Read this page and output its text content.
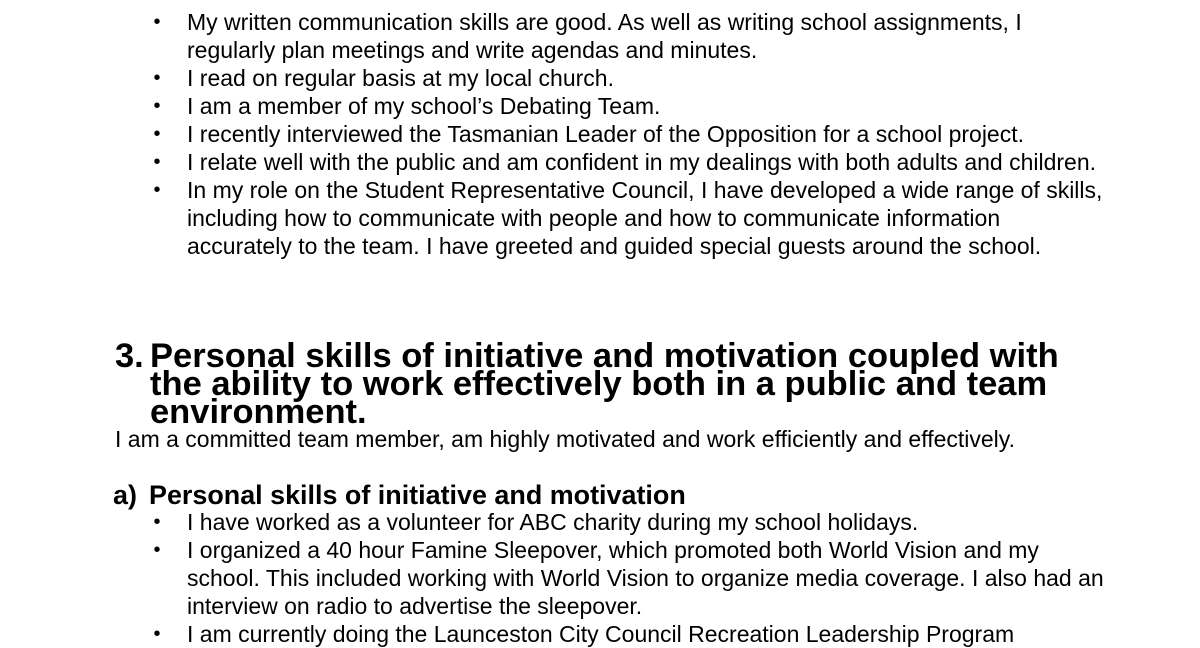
• My written communication skills are good. As well as writing school assignments, I regularly plan meetings and write agendas and minutes.
• I read on regular basis at my local church.
• I am a member of my school’s Debating Team.
• I recently interviewed the Tasmanian Leader of the Opposition for a school project.
• I relate well with the public and am confident in my dealings with both adults and children.
• In my role on the Student Representative Council, I have developed a wide range of skills, including how to communicate with people and how to communicate information accurately to the team. I have greeted and guided special guests around the school.
3. Personal skills of initiative and motivation coupled with the ability to work effectively both in a public and team environment.

I am a committed team member, am highly motivated and work efficiently and effectively.

a) Personal skills of initiative and motivation
• I have worked as a volunteer for ABC charity during my school holidays.
• I organized a 40 hour Famine Sleepover, which promoted both World Vision and my school. This included working with World Vision to organize media coverage. I also had an interview on radio to advertise the sleepover.
• I am currently doing the Launceston City Council Recreation Leadership Program
